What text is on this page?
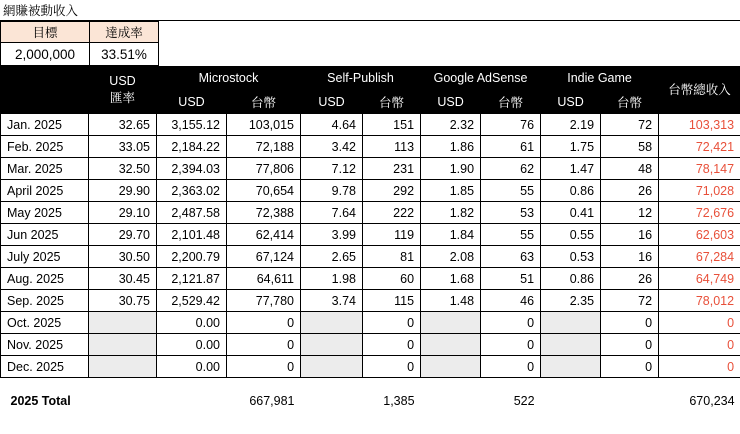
網賺被動收入
目標	達成率	
2,000,000	33.51%	

	USD
匯率	Microstock		Self-Publish		Google AdSense		Indie Game		台幣總收入
		USD	台幣	USD	台幣	USD	台幣	USD	台幣	
Jan. 2025	32.65	3,155.12	103,015	4.64	151	2.32	76	2.19	72	103,313
Feb. 2025	33.05	2,184.22	72,188	3.42	113	1.86	61	1.75	58	72,421
Mar. 2025	32.50	2,394.03	77,806	7.12	231	1.90	62	1.47	48	78,147
April 2025	29.90	2,363.02	70,654	9.78	292	1.85	55	0.86	26	71,028
May 2025	29.10	2,487.58	72,388	7.64	222	1.82	53	0.41	12	72,676
Jun 2025	29.70	2,101.48	62,414	3.99	119	1.84	55	0.55	16	62,603
July 2025	30.50	2,200.79	67,124	2.65	81	2.08	63	0.53	16	67,284
Aug. 2025	30.45	2,121.87	64,611	1.98	60	1.68	51	0.86	26	64,749
Sep. 2025	30.75	2,529.42	77,780	3.74	115	1.48	46	2.35	72	78,012
Oct. 2025		0.00	0		0		0		0	0
Nov. 2025		0.00	0		0		0		0	0
Dec. 2025		0.00	0		0		0		0	0

2025 Total			667,981		1,385		522			670,234
